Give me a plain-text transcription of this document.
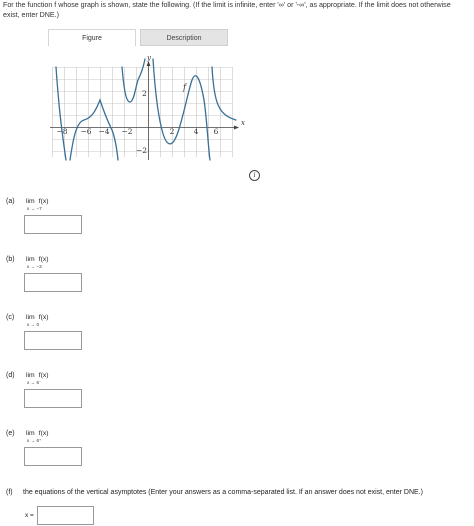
For the function f whose graph is shown, state the following. (If the limit is infinite, enter '∞' or '-∞', as appropriate. If the limit does not otherwise exist, enter DNE.)
Figure	Description
x
y
−8 −6 −4 −2	2	4 6
2
−2
f
i
(a) lim f(x)
x → −7
(b) lim f(x)
x → −3
(c) lim f(x)
x → 0
(d) lim f(x)
x → 6⁻
(e) lim f(x)
x → 6⁺
(f) the equations of the vertical asymptotes (Enter your answers as a comma-separated list. If an answer does not exist, enter DNE.)
x =
